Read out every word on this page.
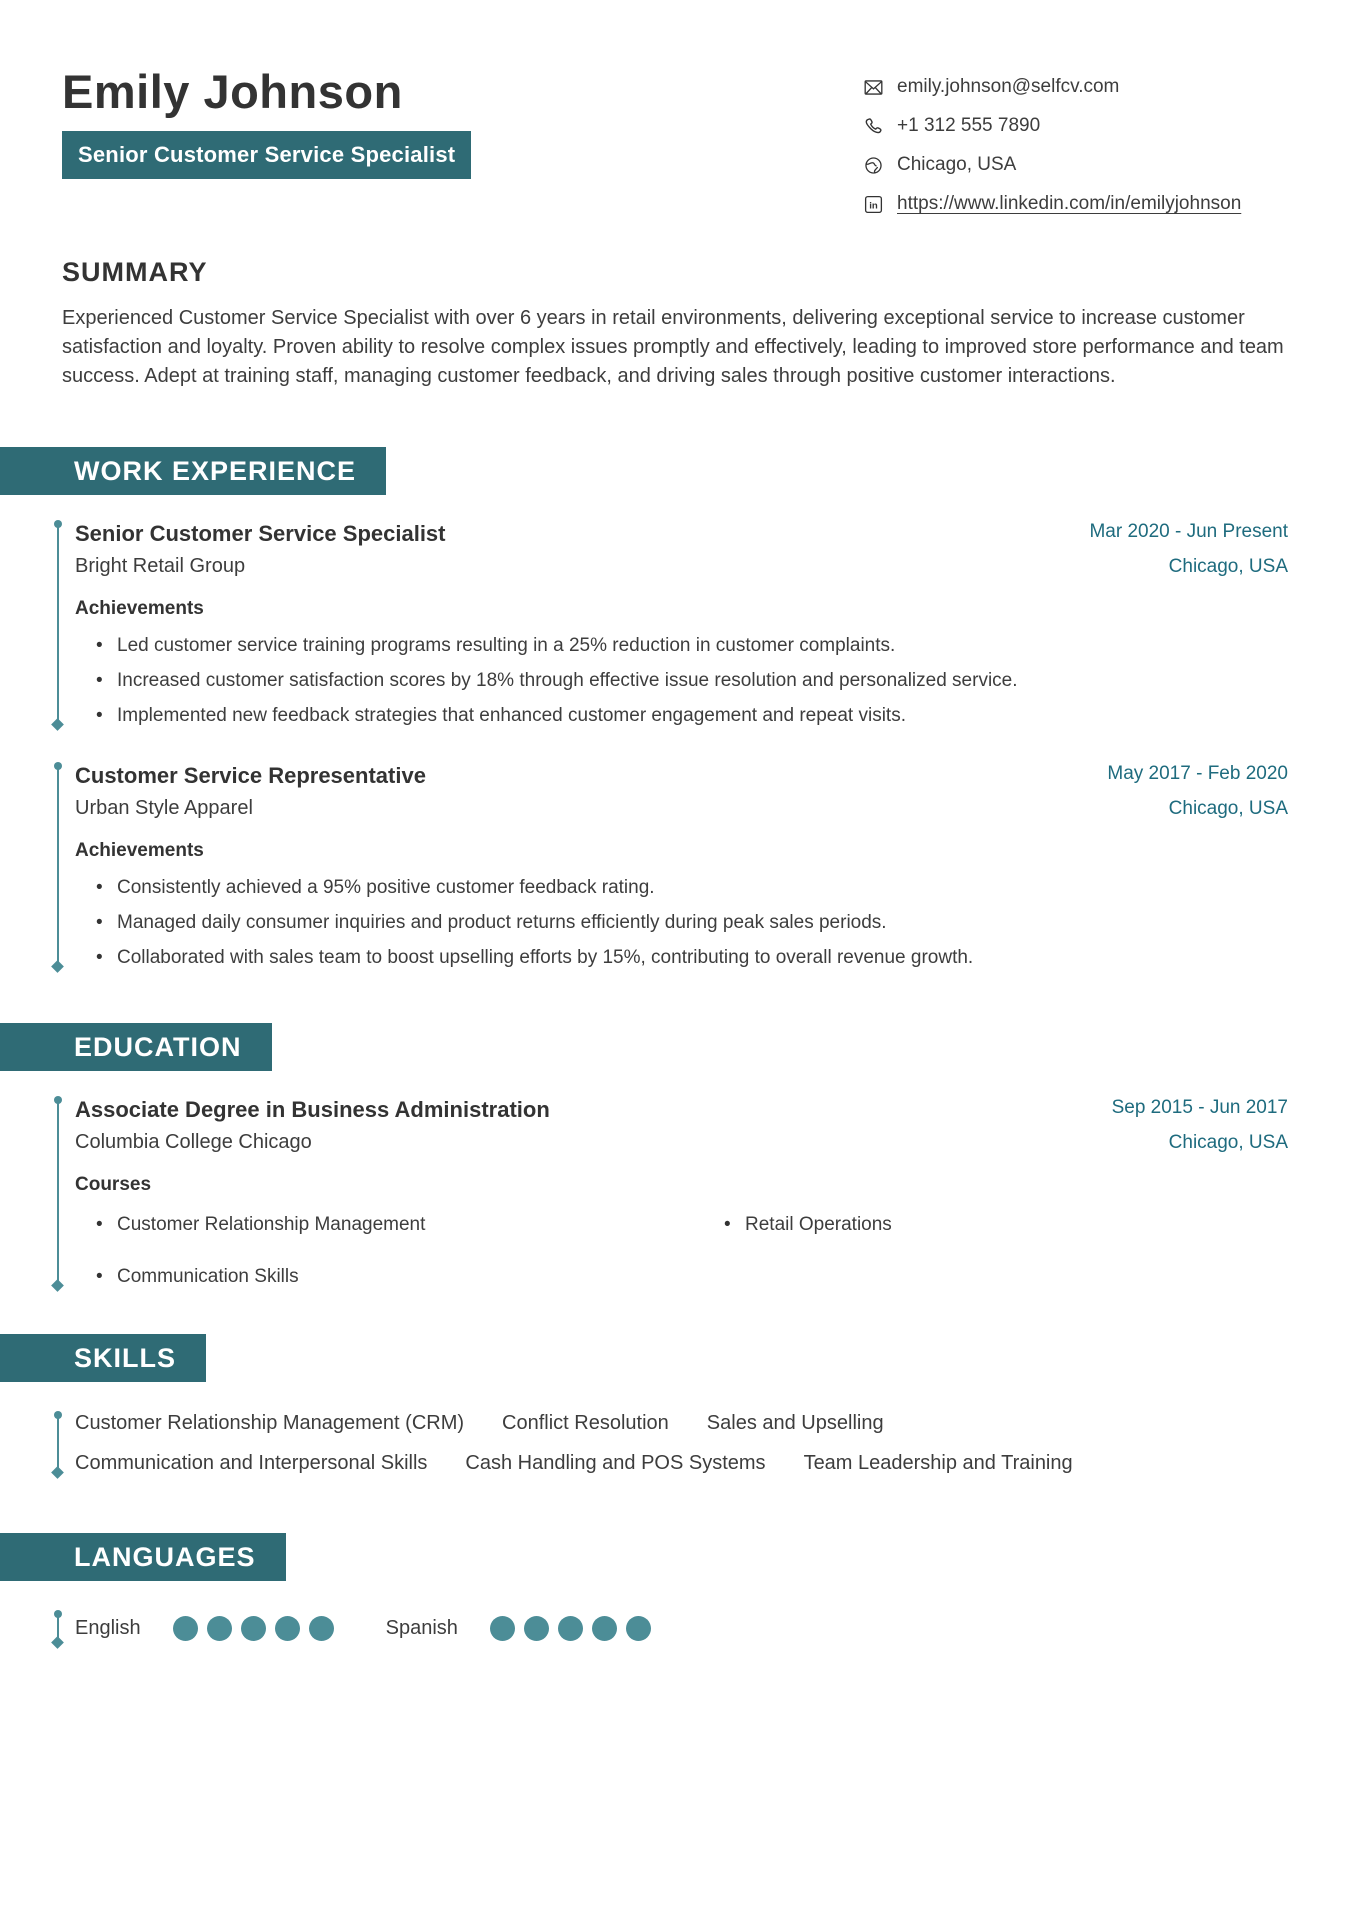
Emily Johnson
Senior Customer Service Specialist
emily.johnson@selfcv.com
+1 312 555 7890
Chicago, USA
in https://www.linkedin.com/in/emilyjohnson
SUMMARY

Experienced Customer Service Specialist with over 6 years in retail environments, delivering exceptional service to increase customer satisfaction and loyalty. Proven ability to resolve complex issues promptly and effectively, leading to improved store performance and team success. Adept at training staff, managing customer feedback, and driving sales through positive customer interactions.

WORK EXPERIENCE
Senior Customer Service Specialist
Bright Retail Group
Mar 2020 - Jun Present
Chicago, USA
Achievements
• Led customer service training programs resulting in a 25% reduction in customer complaints.
• Increased customer satisfaction scores by 18% through effective issue resolution and personalized service.
• Implemented new feedback strategies that enhanced customer engagement and repeat visits.
Customer Service Representative
Urban Style Apparel
May 2017 - Feb 2020
Chicago, USA
Achievements
• Consistently achieved a 95% positive customer feedback rating.
• Managed daily consumer inquiries and product returns efficiently during peak sales periods.
• Collaborated with sales team to boost upselling efforts by 15%, contributing to overall revenue growth.
EDUCATION
Associate Degree in Business Administration
Columbia College Chicago
Sep 2015 - Jun 2017
Chicago, USA
Courses
• Customer Relationship Management	• Retail Operations
• Communication Skills
SKILLS
Customer Relationship Management (CRM) Conflict Resolution Sales and Upselling
Communication and Interpersonal Skills Cash Handling and POS Systems Team Leadership and Training
LANGUAGES
English	Spanish
